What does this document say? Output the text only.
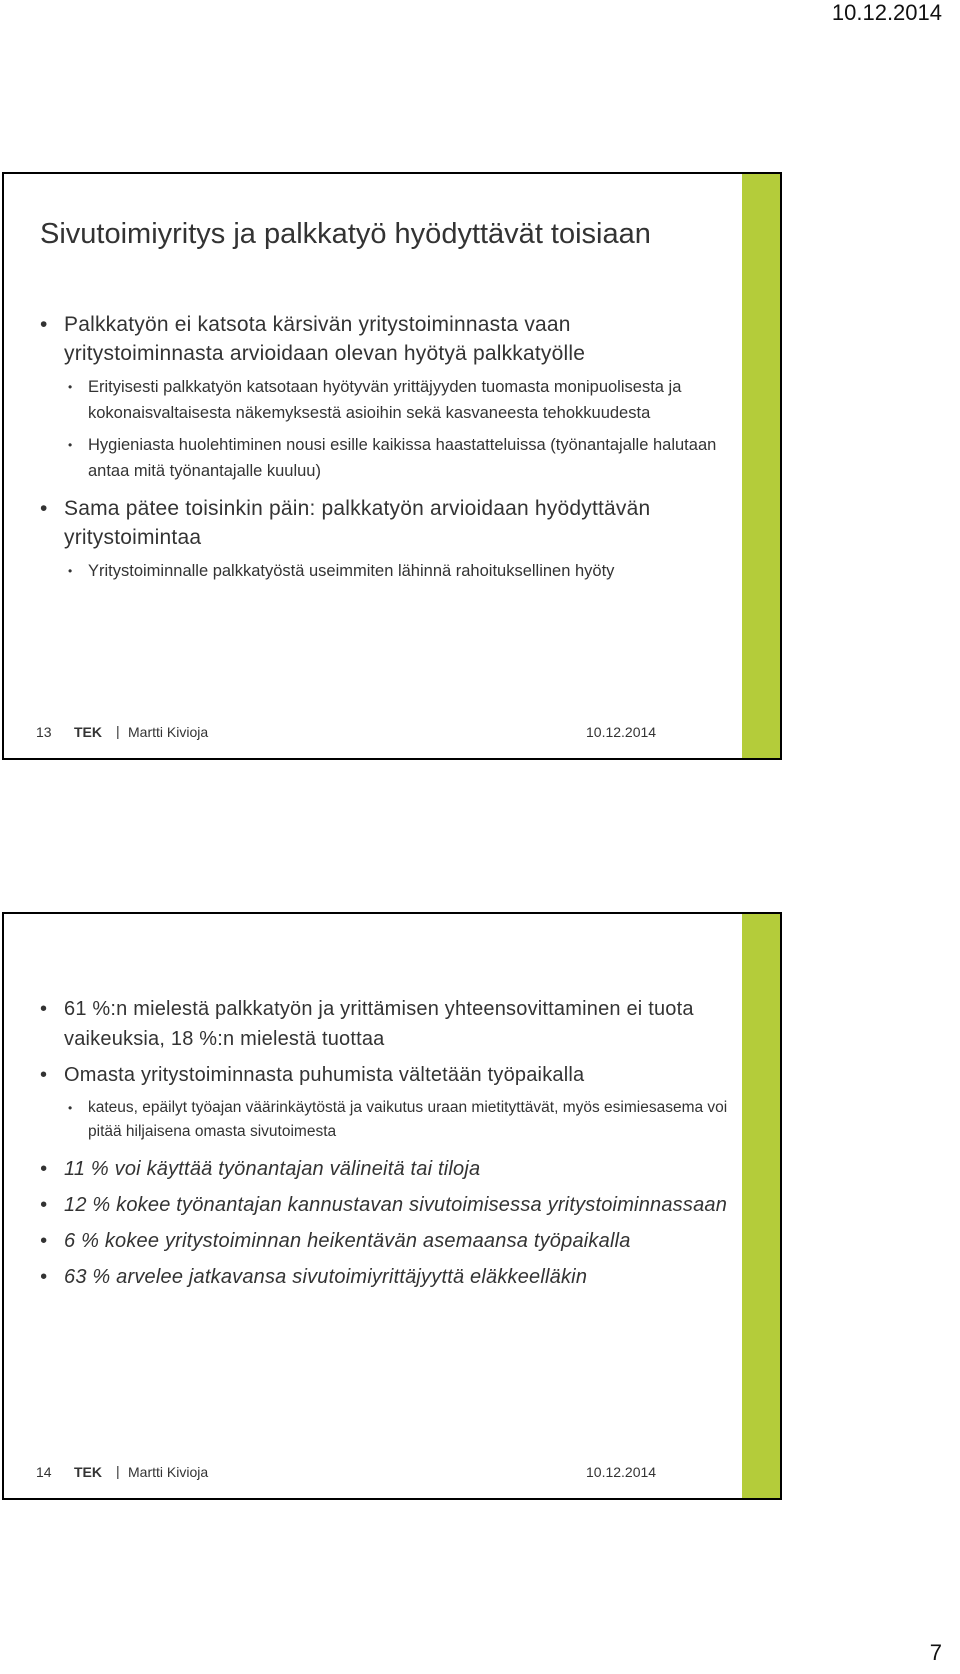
10.12.2014
Sivutoimiyritys ja palkkatyö hyödyttävät toisiaan
• Palkkatyön ei katsota kärsivän yritystoiminnasta vaan yritystoiminnasta arvioidaan olevan hyötyä palkkatyölle
• Erityisesti palkkatyön katsotaan hyötyvän yrittäjyyden tuomasta monipuolisesta ja kokonaisvaltaisesta näkemyksestä asioihin sekä kasvaneesta tehokkuudesta
• Hygieniasta huolehtiminen nousi esille kaikissa haastatteluissa (työnantajalle halutaan antaa mitä työnantajalle kuuluu)
• Sama pätee toisinkin päin: palkkatyön arvioidaan hyödyttävän yritystoimintaa
• Yritystoiminnalle palkkatyöstä useimmiten lähinnä rahoituksellinen hyöty
13 TEK | Martti Kivioja	10.12.2014
• 61 %:n mielestä palkkatyön ja yrittämisen yhteensovittaminen ei tuota vaikeuksia, 18 %:n mielestä tuottaa
• Omasta yritystoiminnasta puhumista vältetään työpaikalla
• kateus, epäilyt työajan väärinkäytöstä ja vaikutus uraan mietityttävät, myös esimiesasema voi pitää hiljaisena omasta sivutoimesta
• 11 % voi käyttää työnantajan välineitä tai tiloja
• 12 % kokee työnantajan kannustavan sivutoimisessa yritystoiminnassaan
• 6 % kokee yritystoiminnan heikentävän asemaansa työpaikalla
• 63 % arvelee jatkavansa sivutoimiyrittäjyyttä eläkkeelläkin
14 TEK | Martti Kivioja	10.12.2014
7
